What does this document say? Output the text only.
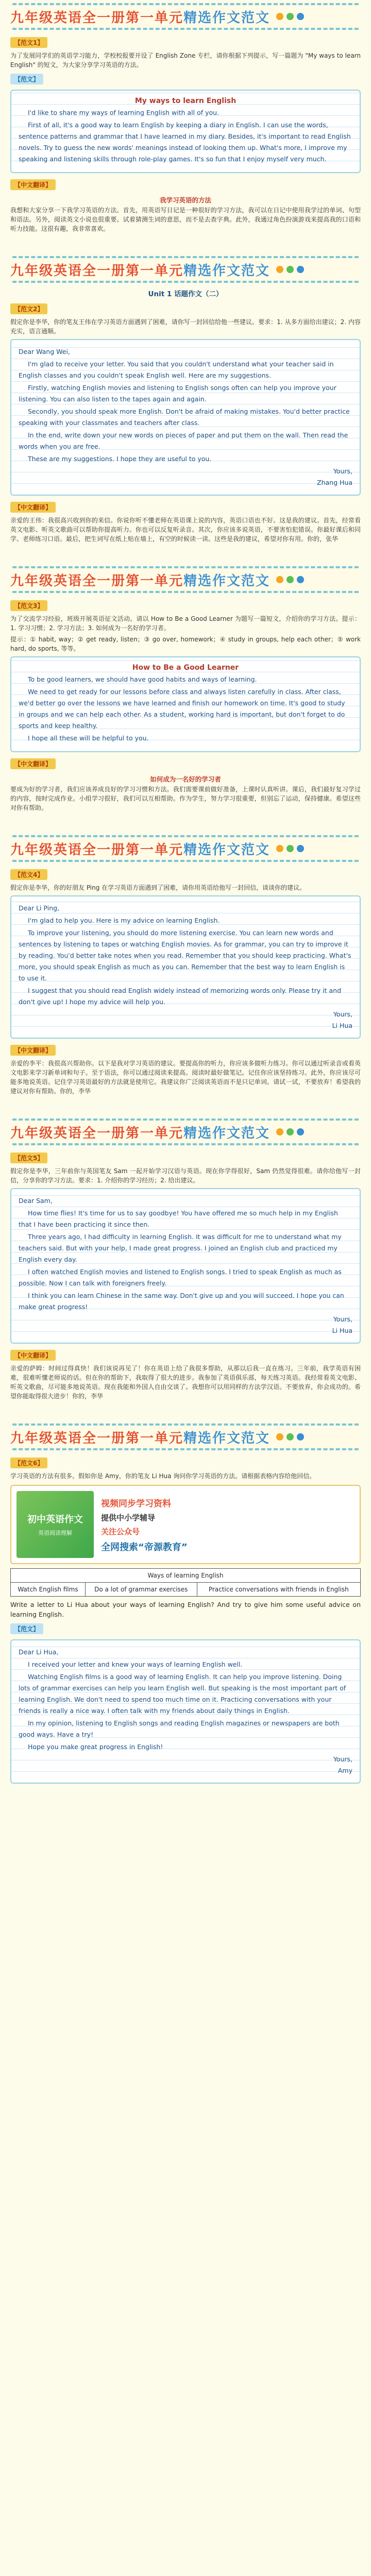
九年级英语全一册第一单元精选作文范文
【范文1】
为了发展同学们的英语学习能力，学校校报要开设了 English Zone 专栏，请你根据下列提示，写一篇题为 "My ways to learn English" 的短文，为大家分享学习英语的方法。
【范文】
My ways to learn English

I'd like to share my ways of learning English with all of you.

First of all, it's a good way to learn English by keeping a diary in English. I can use the words, sentence patterns and grammar that I have learned in my diary. Besides, it's important to read English novels. Try to guess the new words' meanings instead of looking them up. What's more, I improve my speaking and listening skills through role-play games. It's so fun that I enjoy myself very much.

【中文翻译】
我学习英语的方法
我想和大家分享一下我学习英语的方法。首先，用英语写日记是一种很好的学习方法，我可以在日记中使用我学过的单词、句型和语法。另外，阅读英文小说也很重要。试着猜测生词的意思，而不是去查字典。此外，我通过角色扮演游戏来提高我的口语和听力技能。这很有趣，我非常喜欢。
九年级英语全一册第一单元精选作文范文
Unit 1 话题作文（二）
【范文2】
假定你是李华，你的笔友王伟在学习英语方面遇到了困难，请你写一封回信给他一些建议。要求：1. 从多方面给出建议；2. 内容充实，语言通顺。

Dear Wang Wei,

I'm glad to receive your letter. You said that you couldn't understand what your teacher said in English classes and you couldn't speak English well. Here are my suggestions.

Firstly, watching English movies and listening to English songs often can help you improve your listening. You can also listen to the tapes again and again.

Secondly, you should speak more English. Don't be afraid of making mistakes. You'd better practice speaking with your classmates and teachers after class.

In the end, write down your new words on pieces of paper and put them on the wall. Then read the words when you are free.

These are my suggestions. I hope they are useful to you.

Yours,
Zhang Hua
【中文翻译】
亲爱的王伟：我很高兴收到你的来信。你说你听不懂老师在英语课上说的内容，英语口语也不好。这是我的建议。首先，经常看英文电影、听英文歌曲可以帮助你提高听力。你也可以反复听录音。其次，你应该多说英语，不要害怕犯错误。你最好课后和同学、老师练习口语。最后，把生词写在纸上贴在墙上，有空的时候读一读。这些是我的建议，希望对你有用。你的，张华
九年级英语全一册第一单元精选作文范文
【范文3】
为了交流学习经验，班级开展英语征文活动。请以 How to Be a Good Learner 为题写一篇短文，介绍你的学习方法。提示：1. 学习习惯；2. 学习方法；3. 如何成为一名好的学习者。
提示：① habit, way；② get ready, listen；③ go over, homework；④ study in groups, help each other；⑤ work hard, do sports, 等等。
How to Be a Good Learner

To be good learners, we should have good habits and ways of learning.

We need to get ready for our lessons before class and always listen carefully in class. After class, we'd better go over the lessons we have learned and finish our homework on time. It's good to study in groups and we can help each other. As a student, working hard is important, but don't forget to do sports and keep healthy.

I hope all these will be helpful to you.

【中文翻译】
如何成为一名好的学习者
要成为好的学习者，我们应该养成良好的学习习惯和方法。我们需要课前做好准备，上课时认真听讲。课后，我们最好复习学过的内容，按时完成作业。小组学习很好，我们可以互相帮助。作为学生，努力学习很重要，但别忘了运动，保持健康。希望这些对你有帮助。
九年级英语全一册第一单元精选作文范文
【范文4】
假定你是李华，你的好朋友 Ping 在学习英语方面遇到了困难，请你用英语给他写一封回信，谈谈你的建议。

Dear Li Ping,

I'm glad to help you. Here is my advice on learning English.

To improve your listening, you should do more listening exercise. You can learn new words and sentences by listening to tapes or watching English movies. As for grammar, you can try to improve it by reading. You'd better take notes when you read. Remember that you should keep practicing. What's more, you should speak English as much as you can. Remember that the best way to learn English is to use it.

I suggest that you should read English widely instead of memorizing words only. Please try it and don't give up! I hope my advice will help you.

Yours,
Li Hua
【中文翻译】
亲爱的李平：我很高兴帮助你。以下是我对学习英语的建议。要提高你的听力，你应该多做听力练习。你可以通过听录音或看英文电影来学习新单词和句子。至于语法，你可以通过阅读来提高。阅读时最好做笔记。记住你应该坚持练习。此外，你应该尽可能多地说英语。记住学习英语最好的方法就是使用它。我建议你广泛阅读英语而不是只记单词。请试一试，不要放弃！希望我的建议对你有帮助。你的，李华
九年级英语全一册第一单元精选作文范文
【范文5】
假定你是李华，三年前你与英国笔友 Sam 一起开始学习汉语与英语。现在你学得很好，Sam 仍然觉得很难。请你给他写一封信，分享你的学习方法。要求：1. 介绍你的学习经历；2. 给出建议。

Dear Sam,

How time flies! It's time for us to say goodbye! You have offered me so much help in my English that I have been practicing it since then.

Three years ago, I had difficulty in learning English. It was difficult for me to understand what my teachers said. But with your help, I made great progress. I joined an English club and practiced my English every day.

I often watched English movies and listened to English songs. I tried to speak English as much as possible. Now I can talk with foreigners freely.

I think you can learn Chinese in the same way. Don't give up and you will succeed. I hope you can make great progress!

Yours,
Li Hua
【中文翻译】
亲爱的萨姆：时间过得真快！我们该说再见了！你在英语上给了我很多帮助，从那以后我一直在练习。三年前，我学英语有困难，很难听懂老师说的话。但在你的帮助下，我取得了很大的进步。我参加了英语俱乐部，每天练习英语。我经常看英文电影、听英文歌曲，尽可能多地说英语。现在我能和外国人自由交谈了。我想你可以用同样的方法学汉语。不要放弃，你会成功的。希望你能取得很大进步！你的，李华
九年级英语全一册第一单元精选作文范文
【范文6】
学习英语的方法有很多。假如你是 Amy，你的笔友 Li Hua 询问你学习英语的方法。请根据表格内容给他回信。
初中英语作文
英语阅读理解
视频同步学习资料
提供中小学辅导
关注公众号
全网搜索“帝源教育”
Ways of learning English
Watch English films	Do a lot of grammar exercises	Practice conversations with friends in English
Write a letter to Li Hua about your ways of learning English? And try to give him some useful advice on learning English.
【范文】

Dear Li Hua,

I received your letter and knew your ways of learning English well.

Watching English films is a good way of learning English. It can help you improve listening. Doing lots of grammar exercises can help you learn English well. But speaking is the most important part of learning English. We don't need to spend too much time on it. Practicing conversations with your friends is really a nice way. I often talk with my friends about daily things in English.

In my opinion, listening to English songs and reading English magazines or newspapers are both good ways. Have a try!

Hope you make great progress in English!

Yours,
Amy
